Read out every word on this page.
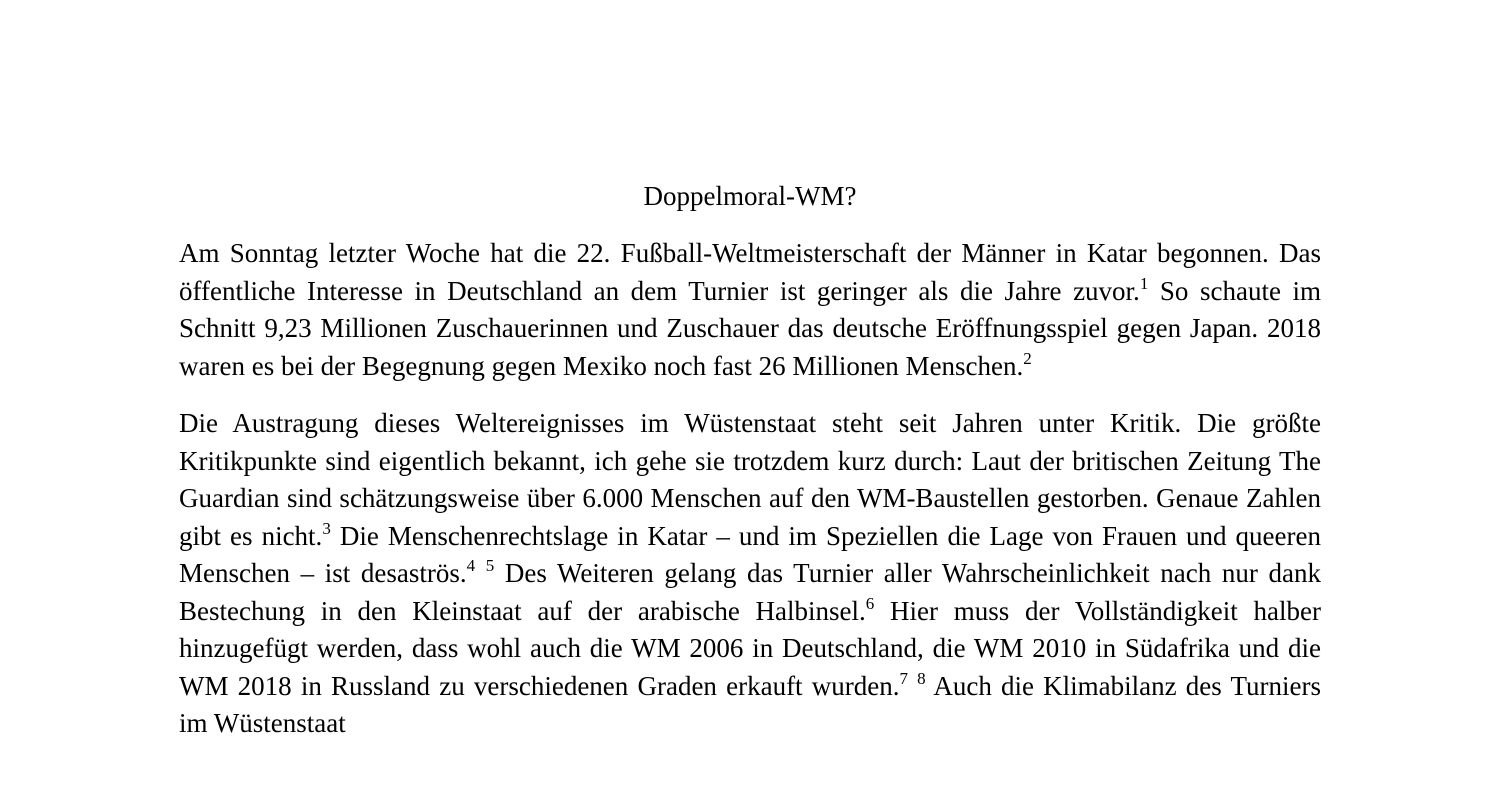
Doppelmoral-WM?

Am Sonntag letzter Woche hat die 22. Fußball-Weltmeisterschaft der Männer in Katar begonnen. Das öffentliche Interesse in Deutschland an dem Turnier ist geringer als die Jahre zuvor.$^1$ So schaute im Schnitt 9,23 Millionen Zuschauerinnen und Zuschauer das deutsche Eröffnungsspiel gegen Japan. 2018 waren es bei der Begegnung gegen Mexiko noch fast 26 Millionen Menschen.$^2$

Die Austragung dieses Weltereignisses im Wüstenstaat steht seit Jahren unter Kritik. Die größte Kritikpunkte sind eigentlich bekannt, ich gehe sie trotzdem kurz durch: Laut der britischen Zeitung The Guardian sind schätzungsweise über 6.000 Menschen auf den WM-Baustellen gestorben. Genaue Zahlen gibt es nicht.$^3$ Die Menschenrechtslage in Katar – und im Speziellen die Lage von Frauen und queeren Menschen – ist desaströs.$^4$ $^5$ Des Weiteren gelang das Turnier aller Wahrscheinlichkeit nach nur dank Bestechung in den Kleinstaat auf der arabische Halbinsel.$^6$ Hier muss der Vollständigkeit halber hinzugefügt werden, dass wohl auch die WM 2006 in Deutschland, die WM 2010 in Südafrika und die WM 2018 in Russland zu verschiedenen Graden erkauft wurden.$^7$ $^8$ Auch die Klimabilanz des Turniers im Wüstenstaat
